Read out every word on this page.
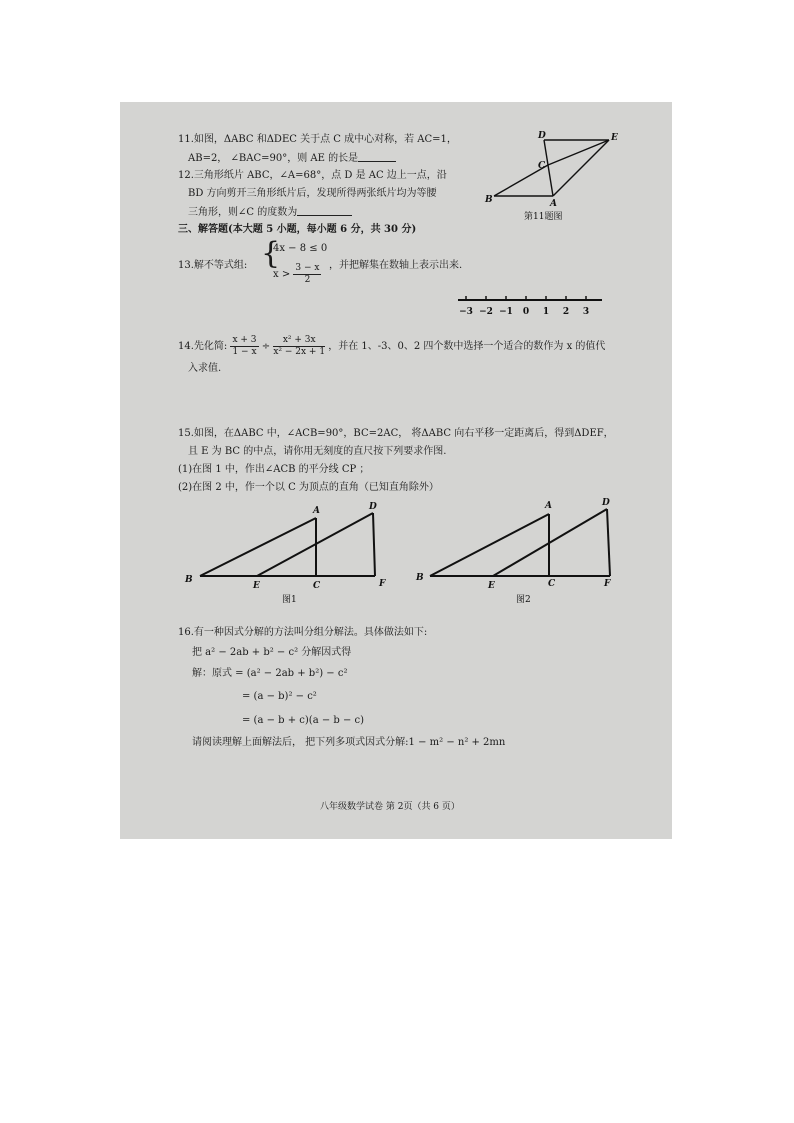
11.如图，ΔABC 和ΔDEC 关于点 C 成中心对称，若 AC=1，
AB=2， ∠BAC=90°，则 AE 的长是
D	E
C
B	A
第11题图
12.三角形纸片 ABC，∠A=68°，点 D 是 AC 边上一点，沿
BD 方向剪开三角形纸片后，发现所得两张纸片均为等腰
三角形，则∠C 的度数为
三、解答题(本大题 5 小题，每小题 6 分，共 30 分)
13.解不等式组: {
4x − 8 ≤ 0
$x > \frac{3 - x}{2}$ ，并把解集在数轴上表示出来.
−3 −2 −1 0 1 2 3
14.先化简: $\frac{x + 3}{1 - x} \div \frac{\text{x² + 3x}}{\text{x² − 2x + 1}}$ ，并在 1、-3、0、2 四个数中选择一个适合的数作为 x 的值代
入求值.
15.如图，在ΔABC 中，∠ACB=90°，BC=2AC， 将ΔABC 向右平移一定距离后，得到ΔDEF，
且 E 为 BC 的中点，请你用无刻度的直尺按下列要求作图.
(1)在图 1 中，作出∠ACB 的平分线 CP ；
(2)在图 2 中，作一个以 C 为顶点的直角（已知直角除外）
A	D
B
E	C	F
图1
A	D
B
E	C	F
图2
16.有一种因式分解的方法叫分组分解法。具体做法如下:
把 a² − 2ab + b² − c² 分解因式得
解：原式 = (a² − 2ab + b²) − c²
= (a − b)² − c²
= (a − b + c)(a − b − c)
请阅读理解上面解法后， 把下列多项式因式分解:1 − m² − n² + 2mn
八年级数学试卷 第 2页（共 6 页）
